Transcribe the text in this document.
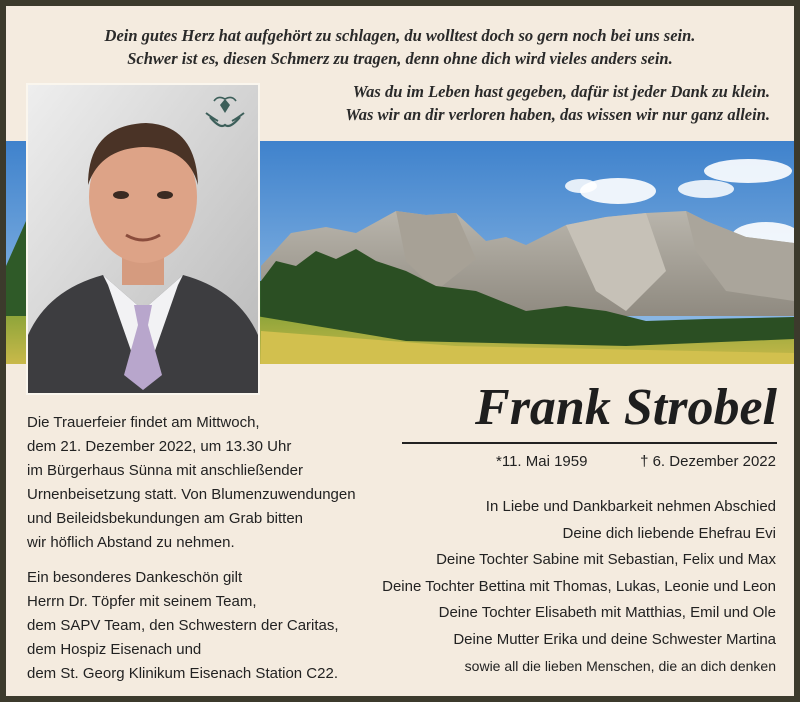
Dein gutes Herz hat aufgehört zu schlagen, du wolltest doch so gern noch bei uns sein.
Schwer ist es, diesen Schmerz zu tragen, denn ohne dich wird vieles anders sein.
Was du im Leben hast gegeben, dafür ist jeder Dank zu klein.
Was wir an dir verloren haben, das wissen wir nur ganz allein.
Frank Strobel
*11. Mai 1959	† 6. Dezember 2022
Die Trauerfeier findet am Mittwoch,
dem 21. Dezember 2022, um 13.30 Uhr
im Bürgerhaus Sünna mit anschließender
Urnenbeisetzung statt. Von Blumenzuwendungen
und Beileidsbekundungen am Grab bitten
wir höflich Abstand zu nehmen.
Ein besonderes Dankeschön gilt
Herrn Dr. Töpfer mit seinem Team,
dem SAPV Team, den Schwestern der Caritas,
dem Hospiz Eisenach und
dem St. Georg Klinikum Eisenach Station C22.
In Liebe und Dankbarkeit nehmen Abschied
Deine dich liebende Ehefrau Evi
Deine Tochter Sabine mit Sebastian, Felix und Max
Deine Tochter Bettina mit Thomas, Lukas, Leonie und Leon
Deine Tochter Elisabeth mit Matthias, Emil und Ole
Deine Mutter Erika und deine Schwester Martina
sowie all die lieben Menschen, die an dich denken
